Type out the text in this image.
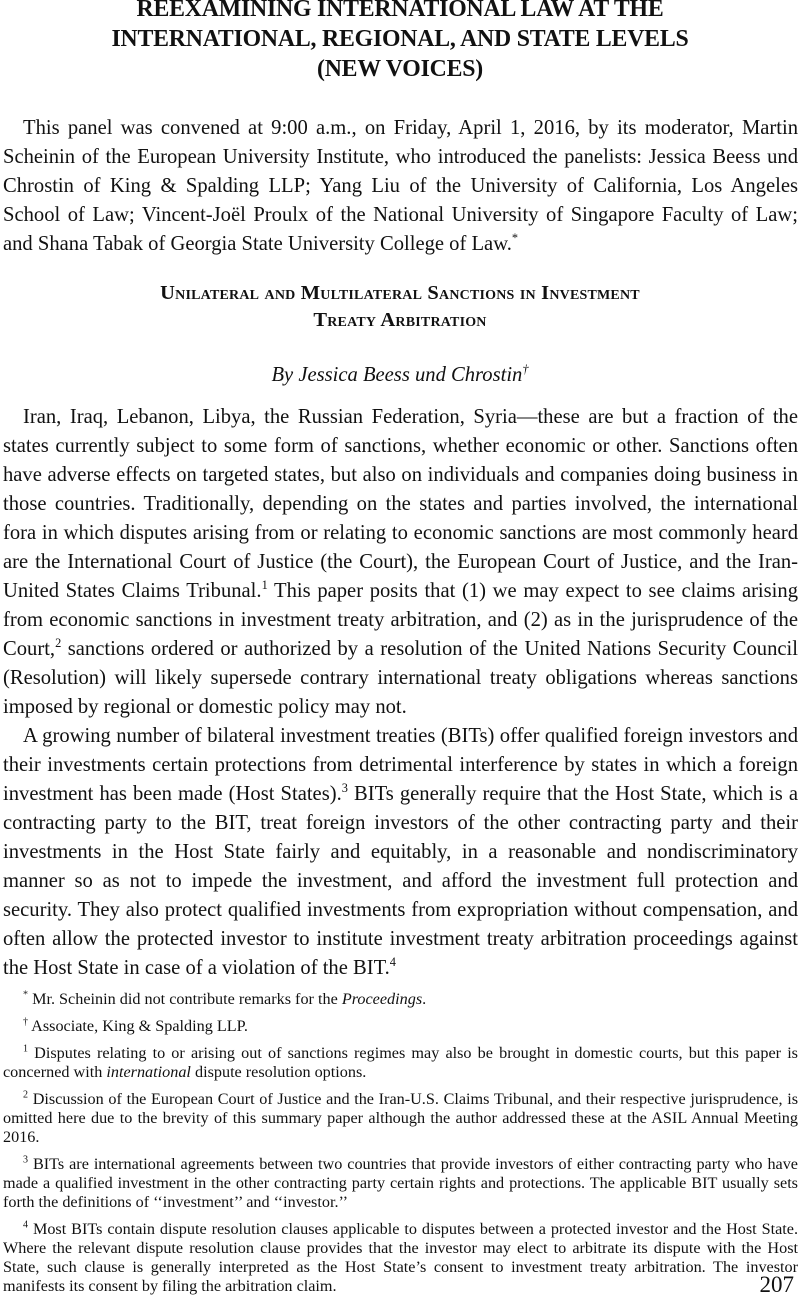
REEXAMINING INTERNATIONAL LAW AT THE
INTERNATIONAL, REGIONAL, AND STATE LEVELS
(NEW VOICES)

This panel was convened at 9:00 a.m., on Friday, April 1, 2016, by its moderator, Martin Scheinin of the European University Institute, who introduced the panelists: Jessica Beess und Chrostin of King & Spalding LLP; Yang Liu of the University of California, Los Angeles School of Law; Vincent-Joël Proulx of the National University of Singapore Faculty of Law; and Shana Tabak of Georgia State University College of Law.*

Unilateral and Multilateral Sanctions in Investment
Treaty Arbitration
By Jessica Beess und Chrostin†

Iran, Iraq, Lebanon, Libya, the Russian Federation, Syria—these are but a fraction of the states currently subject to some form of sanctions, whether economic or other. Sanctions often have adverse effects on targeted states, but also on individuals and companies doing business in those countries. Traditionally, depending on the states and parties involved, the international fora in which disputes arising from or relating to economic sanctions are most commonly heard are the International Court of Justice (the Court), the European Court of Justice, and the Iran-United States Claims Tribunal.$^1$ This paper posits that (1) we may expect to see claims arising from economic sanctions in investment treaty arbitration, and (2) as in the jurisprudence of the Court,$^2$ sanctions ordered or authorized by a resolution of the United Nations Security Council (Resolution) will likely supersede contrary international treaty obligations whereas sanctions imposed by regional or domestic policy may not.

A growing number of bilateral investment treaties (BITs) offer qualified foreign investors and their investments certain protections from detrimental interference by states in which a foreign investment has been made (Host States).$^3$ BITs generally require that the Host State, which is a contracting party to the BIT, treat foreign investors of the other contracting party and their investments in the Host State fairly and equitably, in a reasonable and nondiscriminatory manner so as not to impede the investment, and afford the investment full protection and security. They also protect qualified investments from expropriation without compensation, and often allow the protected investor to institute investment treaty arbitration proceedings against the Host State in case of a violation of the BIT.$^4$

* Mr. Scheinin did not contribute remarks for the Proceedings.

† Associate, King & Spalding LLP.

$^1$ Disputes relating to or arising out of sanctions regimes may also be brought in domestic courts, but this paper is concerned with international dispute resolution options.

$^2$ Discussion of the European Court of Justice and the Iran-U.S. Claims Tribunal, and their respective jurisprudence, is omitted here due to the brevity of this summary paper although the author addressed these at the ASIL Annual Meeting 2016.

$^3$ BITs are international agreements between two countries that provide investors of either contracting party who have made a qualified investment in the other contracting party certain rights and protections. The applicable BIT usually sets forth the definitions of ‘‘investment’’ and ‘‘investor.’’

$^4$ Most BITs contain dispute resolution clauses applicable to disputes between a protected investor and the Host State. Where the relevant dispute resolution clause provides that the investor may elect to arbitrate its dispute with the Host State, such clause is generally interpreted as the Host State’s consent to investment treaty arbitration. The investor manifests its consent by filing the arbitration claim.	207
